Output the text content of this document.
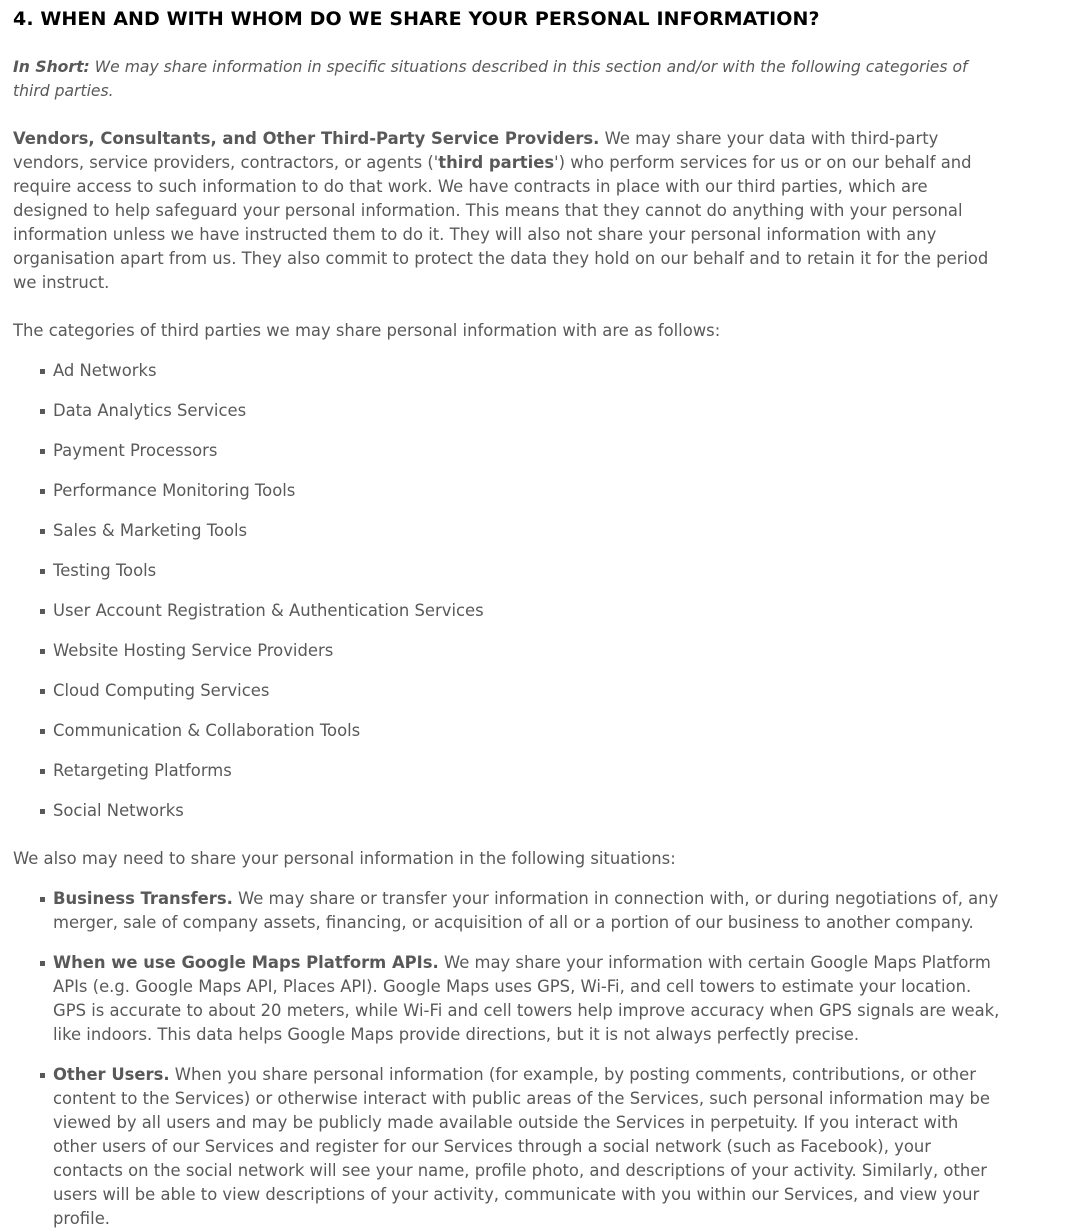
4. WHEN AND WITH WHOM DO WE SHARE YOUR PERSONAL INFORMATION?

In Short: We may share information in specific situations described in this section and/or with the following categories of third parties.

Vendors, Consultants, and Other Third-Party Service Providers. We may share your data with third-party vendors, service providers, contractors, or agents ('third parties') who perform services for us or on our behalf and require access to such information to do that work. We have contracts in place with our third parties, which are designed to help safeguard your personal information. This means that they cannot do anything with your personal information unless we have instructed them to do it. They will also not share your personal information with any organisation apart from us. They also commit to protect the data they hold on our behalf and to retain it for the period we instruct.

The categories of third parties we may share personal information with are as follows:

Ad Networks
Data Analytics Services
Payment Processors
Performance Monitoring Tools
Sales & Marketing Tools
Testing Tools
User Account Registration & Authentication Services
Website Hosting Service Providers
Cloud Computing Services
Communication & Collaboration Tools
Retargeting Platforms
Social Networks

We also may need to share your personal information in the following situations:

Business Transfers. We may share or transfer your information in connection with, or during negotiations of, any merger, sale of company assets, financing, or acquisition of all or a portion of our business to another company.
When we use Google Maps Platform APIs. We may share your information with certain Google Maps Platform APIs (e.g. Google Maps API, Places API). Google Maps uses GPS, Wi-Fi, and cell towers to estimate your location. GPS is accurate to about 20 meters, while Wi-Fi and cell towers help improve accuracy when GPS signals are weak, like indoors. This data helps Google Maps provide directions, but it is not always perfectly precise.
Other Users. When you share personal information (for example, by posting comments, contributions, or other content to the Services) or otherwise interact with public areas of the Services, such personal information may be viewed by all users and may be publicly made available outside the Services in perpetuity. If you interact with other users of our Services and register for our Services through a social network (such as Facebook), your contacts on the social network will see your name, profile photo, and descriptions of your activity. Similarly, other users will be able to view descriptions of your activity, communicate with you within our Services, and view your profile.
